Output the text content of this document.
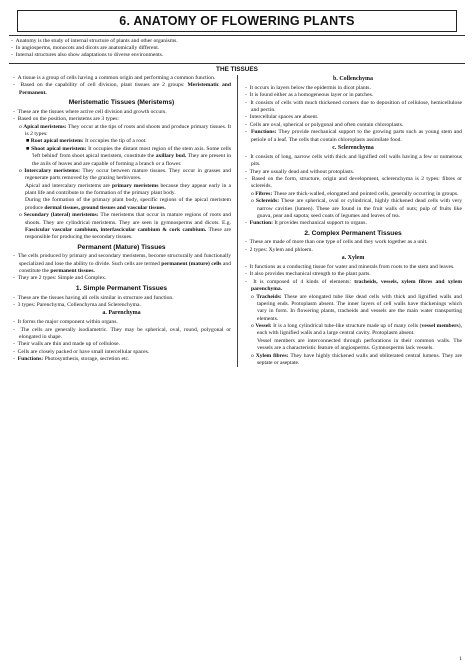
6. ANATOMY OF FLOWERING PLANTS
-  Anatomy is the study of internal structure of plants and other organisms.
-  In angiosperms, monocots and dicots are anatomically different.
-  Internal structures also show adaptations to diverse environments.
THE TISSUES
-  A tissue is a group of cells having a common origin and performing a common function.
-  Based on the capability of cell division, plant tissues are 2 groups: Meristematic and Permanent.
Meristematic Tissues (Meristems)
-  These are the tissues where active cell division and growth occurs.
-  Based on the position, meristems are 3 types:
o Apical meristems: They occur at the tips of roots and shoots and produce primary tissues. It is 2 types:
■ Root apical meristem: It occupies the tip of a root.
■ Shoot apical meristem: It occupies the distant most region of the stem axis. Some cells 'left behind' from shoot apical meristem, constitute the axillary bud. They are present in the axils of leaves and are capable of forming a branch or a flower.
o Intercalary meristems: They occur between mature tissues. They occur in grasses and regenerate parts removed by the grazing herbivores.
Apical and intercalary meristems are primary meristems because they appear early in a plant life and contribute to the formation of the primary plant body.
During the formation of the primary plant body, specific regions of the apical meristem produce dermal tissues, ground tissues and vascular tissues.
o Secondary (lateral) meristems: The meristems that occur in mature regions of roots and shoots. They are cylindrical meristems. They are seen in gymnosperms and dicots. E.g. Fascicular vascular cambium, interfascicular cambium & cork cambium. These are responsible for producing the secondary tissues.
Permanent (Mature) Tissues
-  The cells produced by primary and secondary meristems, become structurally and functionally specialized and lose the ability to divide. Such cells are termed permanent (mature) cells and constitute the permanent tissues.
-  They are 2 types: Simple and Complex.
1. Simple Permanent Tissues
-  These are the tissues having all cells similar in structure and function.
-  3 types: Parenchyma, Collenchyma and Sclerenchyma.
a. Parenchyma
-  It forms the major component within organs.
-  The cells are generally isodiametric. They may be spherical, oval, round, polygonal or elongated in shape.
-  Their walls are thin and made up of cellulose.
-  Cells are closely packed or have small intercellular spaces.
-  Functions: Photosynthesis, storage, secretion etc.
b. Collenchyma
-  It occurs in layers below the epidermis in dicot plants.
-  It is found either as a homogeneous layer or in patches.
-  It consists of cells with much thickened corners due to deposition of cellulose, hemicellulose and pectin.
-  Intercellular spaces are absent.
-  Cells are oval, spherical or polygonal and often contain chloroplasts.
-  Functions: They provide mechanical support to the growing parts such as young stem and petiole of a leaf. The cells that contain chloroplasts assimilate food.
c. Sclerenchyma
-  It consists of long, narrow cells with thick and lignified cell walls having a few or numerous pits.
-  They are usually dead and without protoplasts.
-  Based on the form, structure, origin and development, sclerenchyma is 2 types: fibres or sclereids.
o Fibres: These are thick-walled, elongated and pointed cells, generally occurring in groups.
o Sclereids: These are spherical, oval or cylindrical, highly thickened dead cells with very narrow cavities (lumen). These are found in the fruit walls of nuts; pulp of fruits like guava, pear and sapota; seed coats of legumes and leaves of tea.
-  Function: It provides mechanical support to organs.
2. Complex Permanent Tissues
-  These are made of more than one type of cells and they work together as a unit.
-  2 types: Xylem and phloem.
a. Xylem
-  It functions as a conducting tissue for water and minerals from roots to the stem and leaves.
-  It also provides mechanical strength to the plant parts.
-  It is composed of 4 kinds of elements: tracheids, vessels, xylem fibres and xylem parenchyma.
o Tracheids: These are elongated tube like dead cells with thick and lignified walls and tapering ends. Protoplasm absent. The inner layers of cell walls have thickenings which vary in form. In flowering plants, tracheids and vessels are the main water transporting elements.
o Vessel: It is a long cylindrical tube-like structure made up of many cells (vessel members), each with lignified walls and a large central cavity. Protoplasm absent.
Vessel members are interconnected through perforations in their common walls. The vessels are a characteristic feature of angiosperms. Gymnosperms lack vessels.
o Xylem fibres: They have highly thickened walls and obliterated central lumens. They are septate or aseptate.
1
